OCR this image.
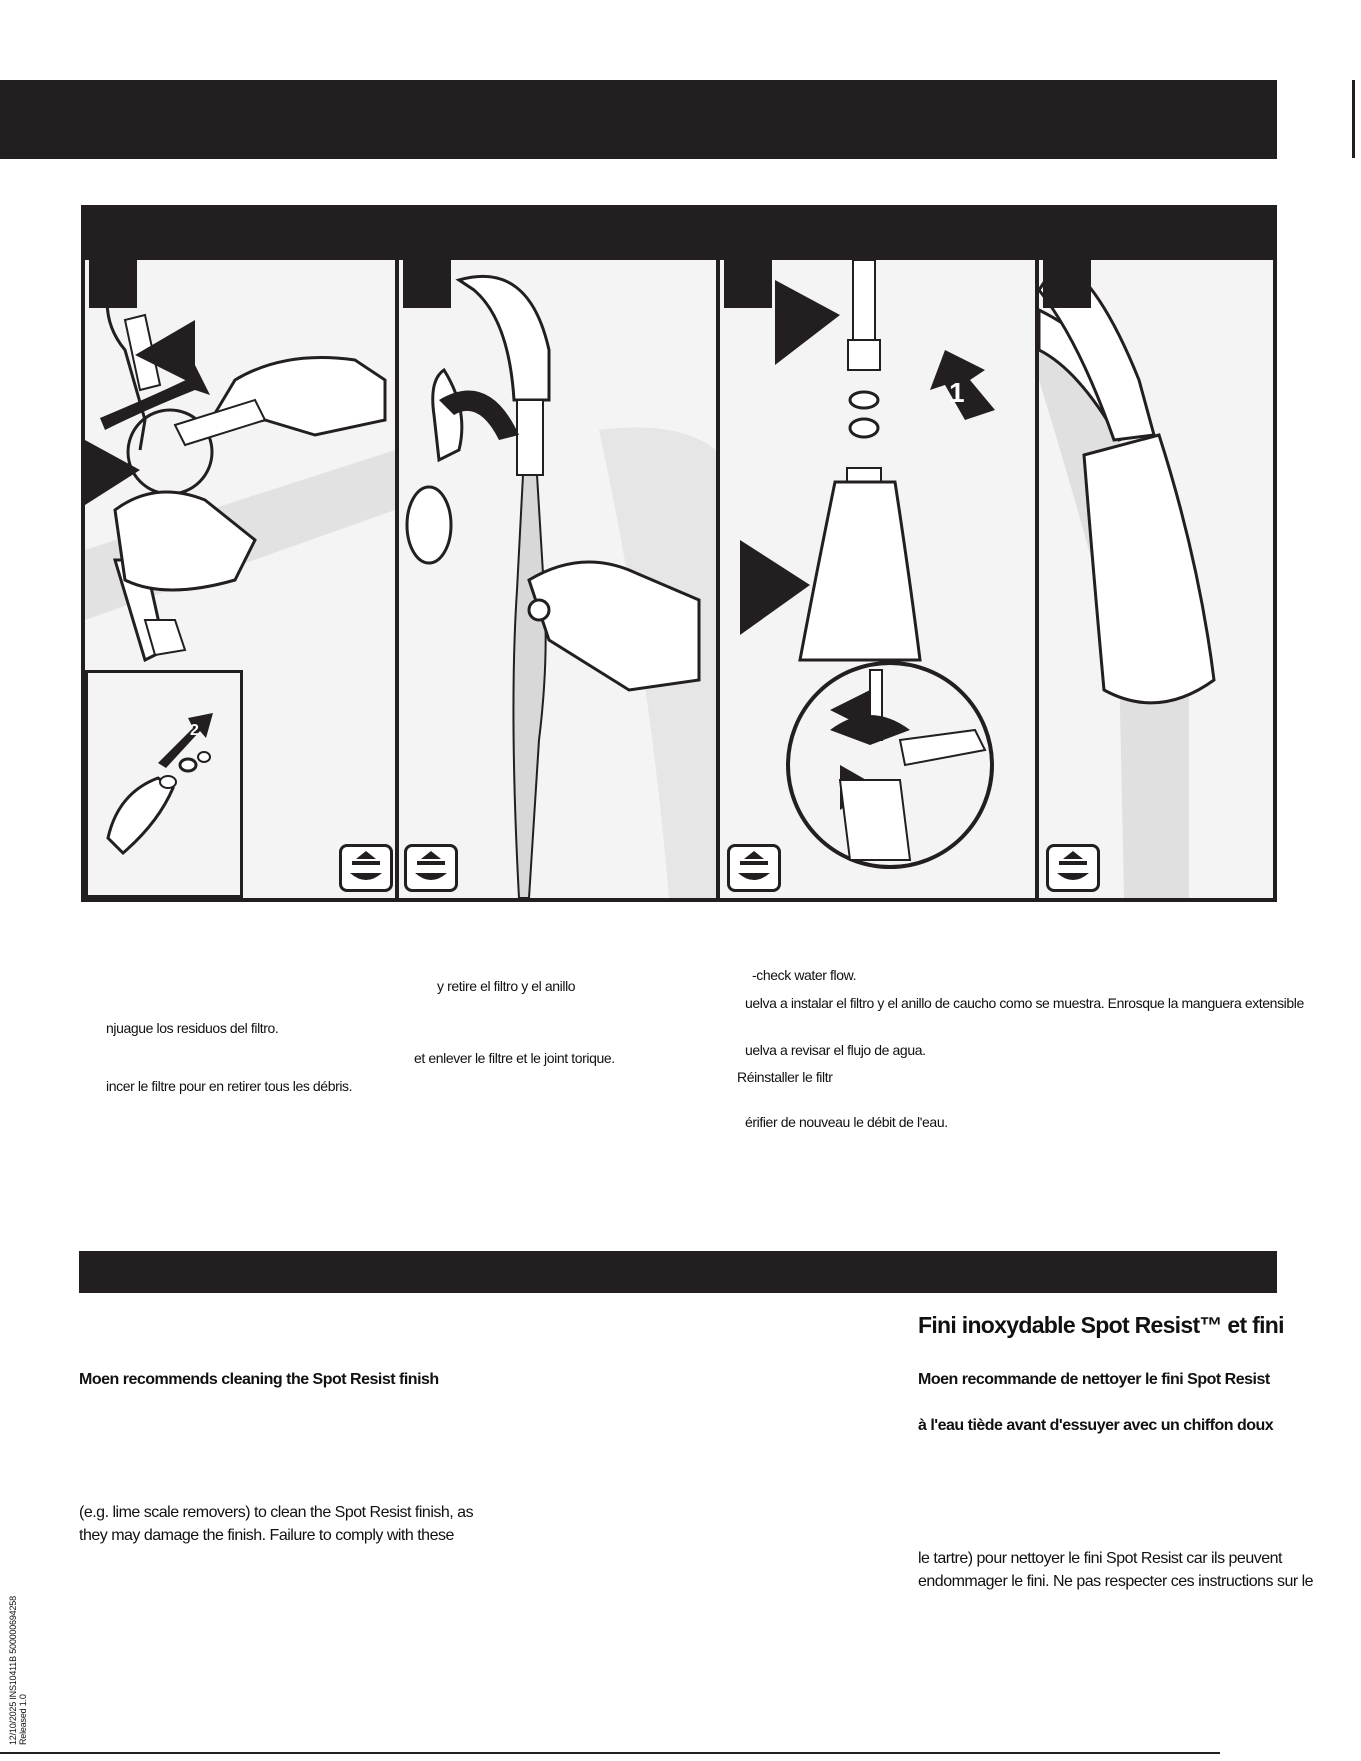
2
1
njuague los residuos del filtro.
incer le filtre pour en retirer tous les débris.
y retire el filtro y el anillo
et enlever le filtre et le joint torique.
-check water flow.
uelva a instalar el filtro y el anillo de caucho como se muestra. Enrosque la manguera extensible
uelva a revisar el flujo de agua.
Réinstaller le filtr
érifier de nouveau le débit de l'eau.
Moen recommends cleaning the Spot Resist finish
(e.g. lime scale removers) to clean the Spot Resist finish, as
they may damage the finish. Failure to comply with these
Fini inoxydable Spot Resist™ et fini
Moen recommande de nettoyer le fini Spot Resist
à l'eau tiède avant d'essuyer avec un chiffon doux
le tartre) pour nettoyer le fini Spot Resist car ils peuvent
endommager le fini. Ne pas respecter ces instructions sur le
12/10/2025 INS10411B 500000694258 Released 1.0
